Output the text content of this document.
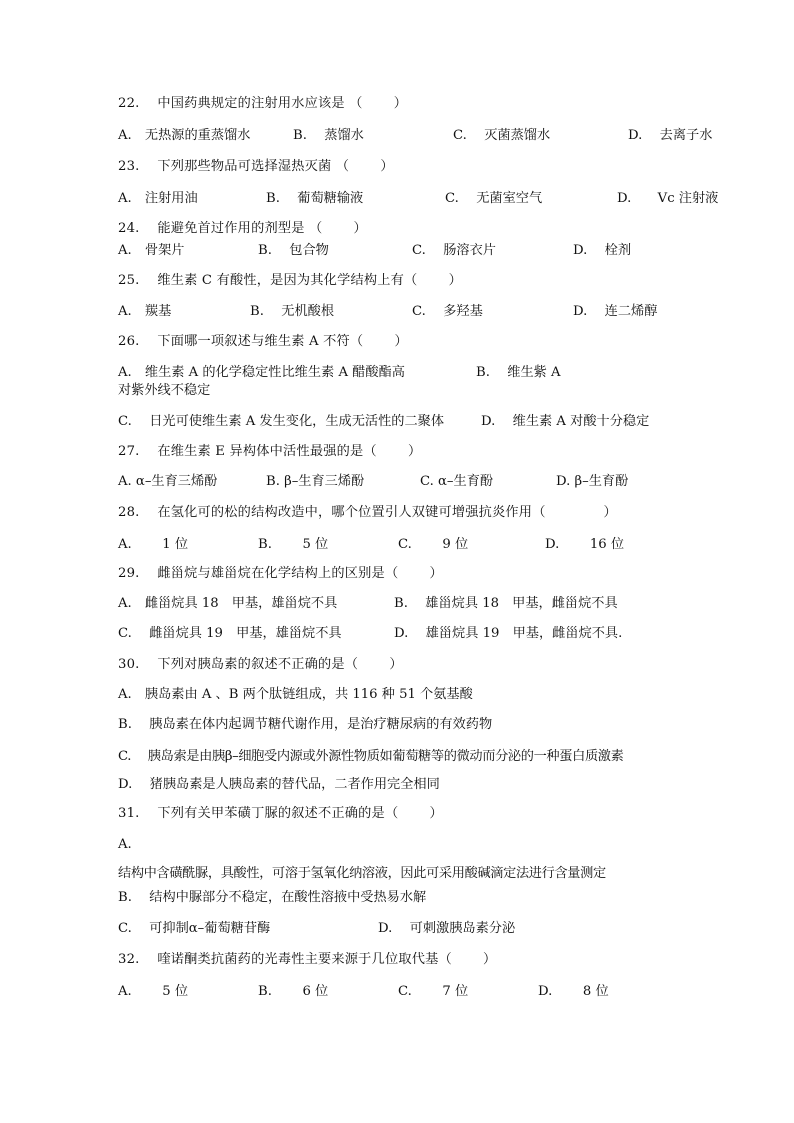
22.　 中国药典规定的注射用水应该是 （　　 ）
A.　无热源的重蒸馏水	B.　 蒸馏水	C.　 灭菌蒸馏水	D.　 去离子水
23.　 下列那些物品可选择湿热灭菌 （　　 ）
A.　注射用油	B.　 葡萄糖输液	C.　 无菌室空气	D.　　Vc 注射液
24.　 能避免首过作用的剂型是 （　　 ）
A.　骨架片	B.　 包合物	C.　 肠溶衣片	D.　 栓剂
25.　 维生素 C 有酸性，是因为其化学结构上有（　　 ）
A.　羰基	B.　 无机酸根	C.　 多羟基	D.　 连二烯醇
26.　 下面哪一项叙述与维生素 A 不符（　　 ）
A.　维生素 A 的化学稳定性比维生素 A 醋酸酯高	B.　 维生紫 A
对紫外线不稳定
C.　 日光可使维生素 A 发生变化，生成无活性的二聚体	D.　 维生素 A 对酸十分稳定
27.　 在维生素 E 异构体中活性最强的是（　　 ）
A. α–生育三烯酚	B. β–生育三烯酚	C. α–生育酚	D. β–生育酚
28.　 在氢化可的松的结构改造中，哪个位置引人双键可增强抗炎作用（　　　　 ）
A.　　 1 位	B.　　 5 位	C.　　 9 位	D.　　 16 位
29.　 雌甾烷与雄甾烷在化学结构上的区别是（　　 ）
A.　雌甾烷具 18　甲基，雄甾烷不具	B.　 雄甾烷具 18　甲基，雌甾烷不具
C.　 雌甾烷具 19　甲基，雄甾烷不具	D.　 雄甾烷具 19　甲基，雌甾烷不具.
30.　 下列对胰岛素的叙述不正确的是（　　 ）
A.　胰岛素由 A 、B 两个肽链组成，共 116 种 51 个氨基酸
B.　 胰岛素在体内起调节糖代谢作用，是治疗糖尿病的有效药物
C.　 胰岛索是由胰β–细胞受内源或外源性物质如葡萄糖等的微动而分泌的一种蛋白质激素
D.　 猪胰岛素是人胰岛素的替代品，二者作用完全相同
31.　 下列有关甲苯磺丁脲的叙述不正确的是（　　 ）
A.
结构中含磺酰脲，具酸性，可溶于氢氧化纳溶液，因此可采用酸碱滴定法进行含量测定
B.　 结构中脲部分不稳定，在酸性溶掖中受热易水解
C.　 可抑制α–葡萄糖苷酶	D.　 可刺激胰岛素分泌
32.　 喹诺酮类抗菌药的光毒性主要来源于几位取代基（　　 ）
A.　　 5 位	B.　　 6 位	C.　　 7 位	D.　　 8 位
